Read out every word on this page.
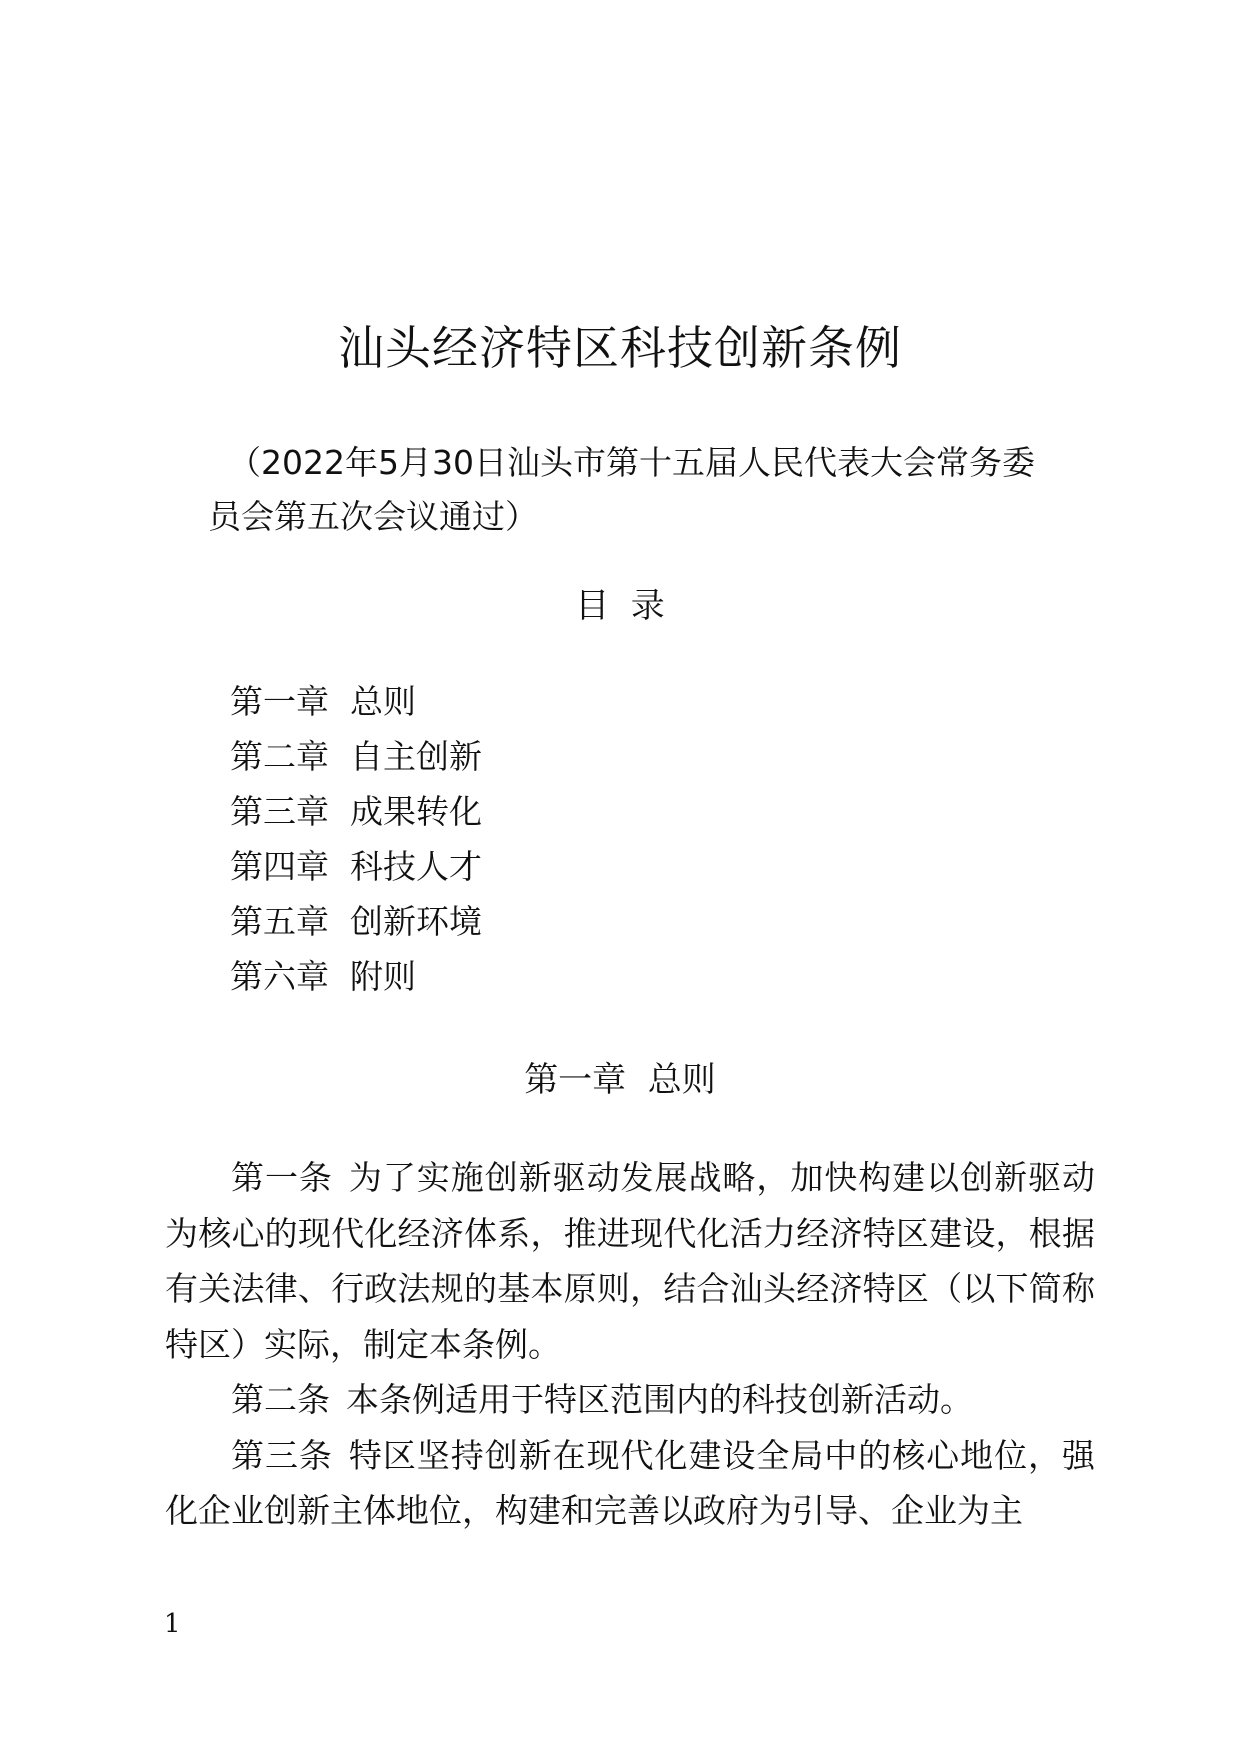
汕头经济特区科技创新条例
（2022年5月30日汕头市第十五届人民代表大会常务委
员会第五次会议通过）
目  录
第一章 总则
第二章 自主创新
第三章 成果转化
第四章 科技人才
第五章 创新环境
第六章 附则
第一章  总则

第一条 为了实施创新驱动发展战略，加快构建以创新驱动为核心的现代化经济体系，推进现代化活力经济特区建设，根据有关法律、行政法规的基本原则，结合汕头经济特区（以下简称特区）实际，制定本条例。

第二条 本条例适用于特区范围内的科技创新活动。

第三条 特区坚持创新在现代化建设全局中的核心地位，强化企业创新主体地位，构建和完善以政府为引导、企业为主

1
